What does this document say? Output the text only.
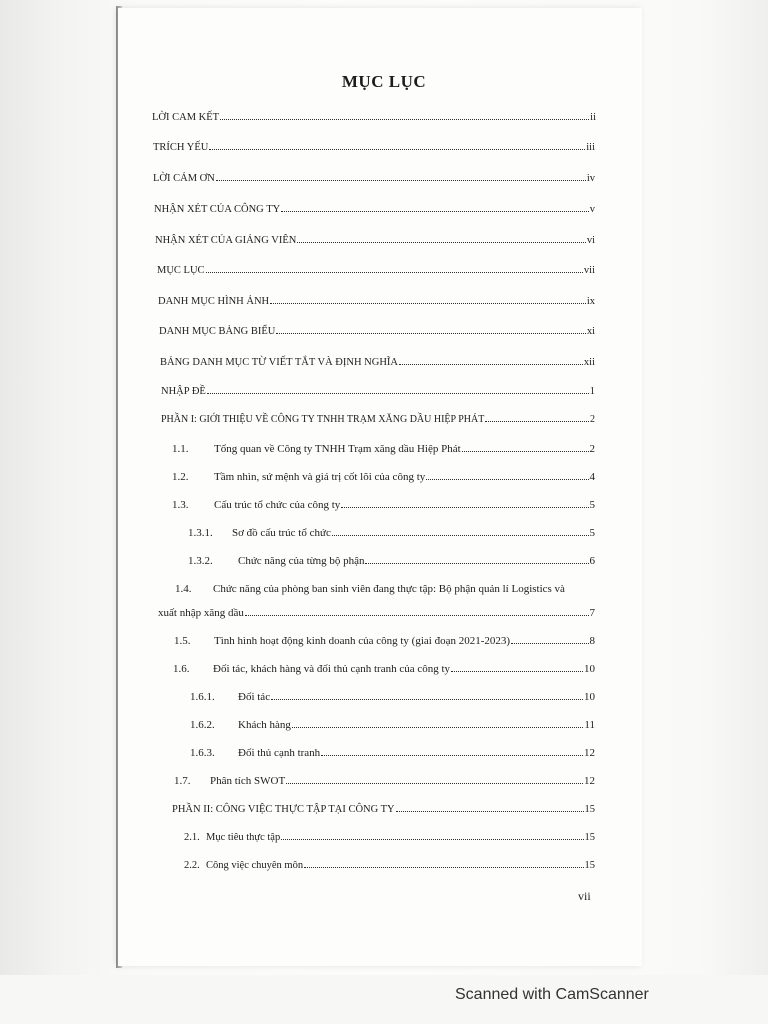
MỤC LỤC
LỜI CAM KẾT	ii
TRÍCH YẾU	iii
LỜI CẢM ƠN	iv
NHẬN XÉT CỦA CÔNG TY	v
NHẬN XÉT CỦA GIẢNG VIÊN	vi
MỤC LỤC	vii
DANH MỤC HÌNH ẢNH	ix
DANH MỤC BẢNG BIỂU	xi
BẢNG DANH MỤC TỪ VIẾT TẮT VÀ ĐỊNH NGHĨA	xii
NHẬP ĐỀ	1
PHẦN I: GIỚI THIỆU VỀ CÔNG TY TNHH TRẠM XĂNG DẦU HIỆP PHÁT	2
1.1.	Tổng quan về Công ty TNHH Trạm xăng dầu Hiệp Phát	2
1.2.	Tầm nhìn, sứ mệnh và giá trị cốt lõi của công ty	4
1.3.	Cấu trúc tổ chức của công ty	5
1.3.1.	Sơ đồ cấu trúc tổ chức	5
1.3.2.	Chức năng của từng bộ phận	6
1.4. Chức năng của phòng ban sinh viên đang thực tập: Bộ phận quản lí Logistics và
xuất nhập xăng dầu	7
1.5.	Tình hình hoạt động kinh doanh của công ty (giai đoạn 2021-2023)	8
1.6.	Đối tác, khách hàng và đối thủ cạnh tranh của công ty	10
1.6.1.	Đối tác	10
1.6.2.	Khách hàng	11
1.6.3.	Đối thủ cạnh tranh	12
1.7.	Phân tích SWOT	12
PHẦN II: CÔNG VIỆC THỰC TẬP TẠI CÔNG TY	15
2.1. Mục tiêu thực tập	15
2.2. Công việc chuyên môn	15
vii
Scanned with CamScanner
